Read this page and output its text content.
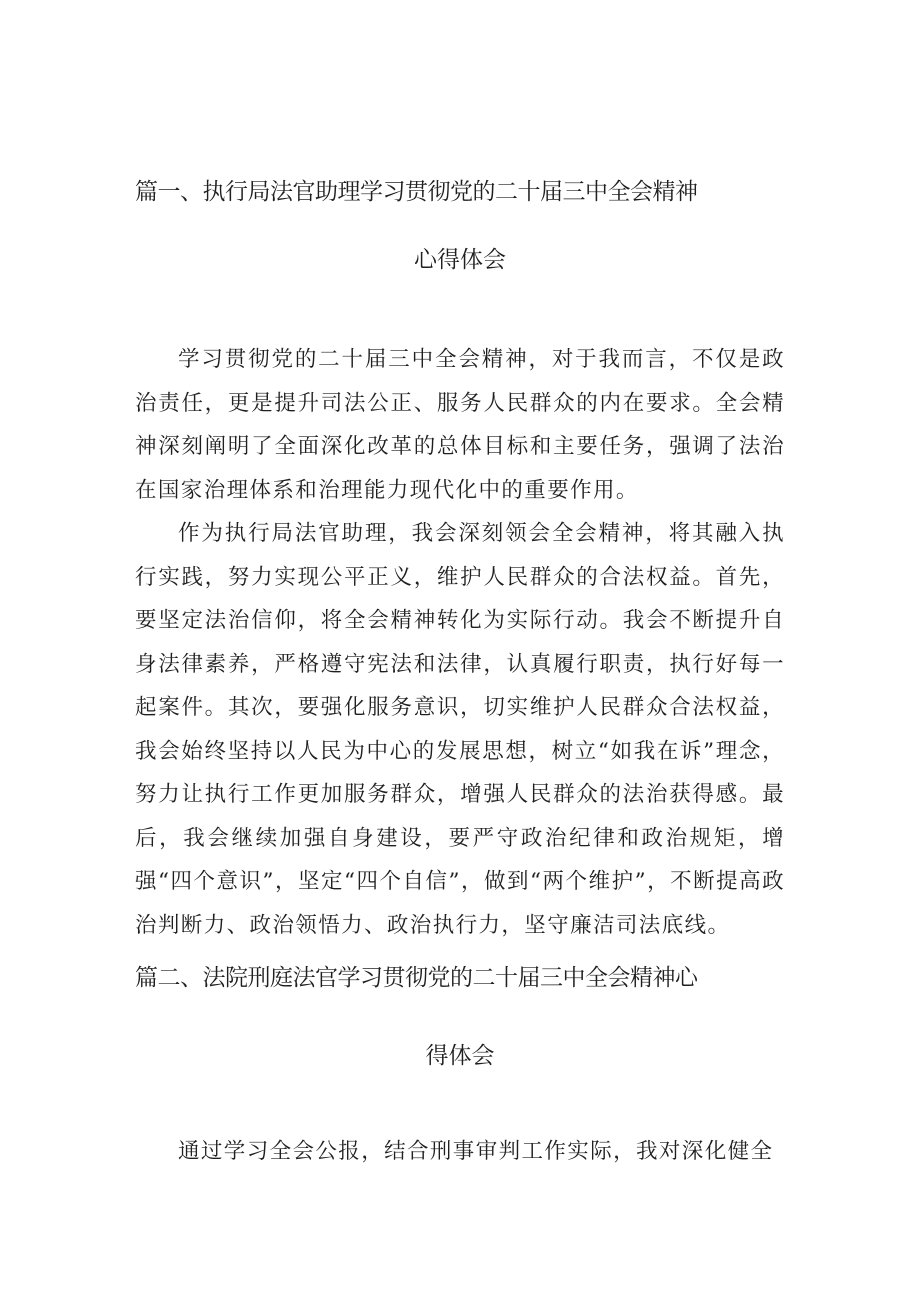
篇一、执行局法官助理学习贯彻党的二十届三中全会精神
心得体会

学习贯彻党的二十届三中全会精神，对于我而言，不仅是政治责任，更是提升司法公正、服务人民群众的内在要求。全会精神深刻阐明了全面深化改革的总体目标和主要任务，强调了法治在国家治理体系和治理能力现代化中的重要作用。

作为执行局法官助理，我会深刻领会全会精神，将其融入执行实践，努力实现公平正义，维护人民群众的合法权益。首先，要坚定法治信仰，将全会精神转化为实际行动。我会不断提升自身法律素养，严格遵守宪法和法律，认真履行职责，执行好每一起案件。其次，要强化服务意识，切实维护人民群众合法权益，我会始终坚持以人民为中心的发展思想，树立“如我在诉”理念，努力让执行工作更加服务群众，增强人民群众的法治获得感。最后，我会继续加强自身建设，要严守政治纪律和政治规矩，增强“四个意识”，坚定“四个自信”，做到“两个维护”，不断提高政治判断力、政治领悟力、政治执行力，坚守廉洁司法底线。

篇二、法院刑庭法官学习贯彻党的二十届三中全会精神心
得体会

通过学习全会公报，结合刑事审判工作实际，我对深化健全
